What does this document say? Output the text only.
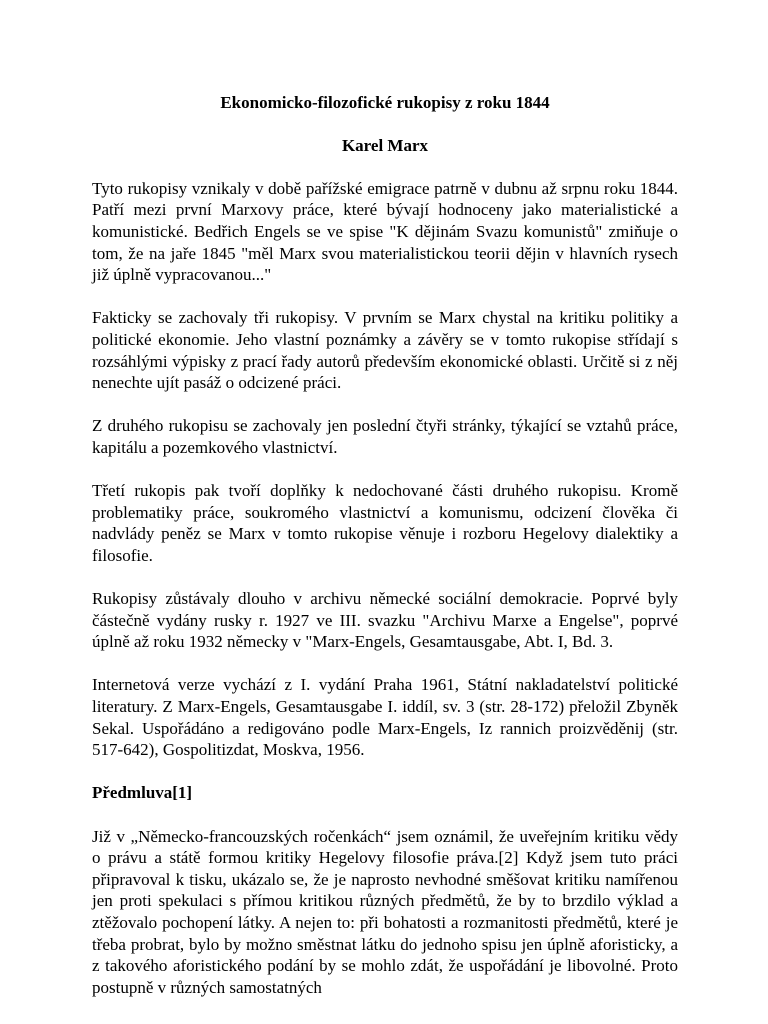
Ekonomicko-filozofické rukopisy z roku 1844

Karel Marx

Tyto rukopisy vznikaly v době pařížské emigrace patrně v dubnu až srpnu roku 1844. Patří mezi první Marxovy práce, které bývají hodnoceny jako materialistické a komunistické. Bedřich Engels se ve spise "K dějinám Svazu komunistů" zmiňuje o tom, že na jaře 1845 "měl Marx svou materialistickou teorii dějin v hlavních rysech již úplně vypracovanou..."

Fakticky se zachovaly tři rukopisy. V prvním se Marx chystal na kritiku politiky a politické ekonomie. Jeho vlastní poznámky a závěry se v tomto rukopise střídají s rozsáhlými výpisky z prací řady autorů především ekonomické oblasti. Určitě si z něj nenechte ujít pasáž o odcizené práci.

Z druhého rukopisu se zachovaly jen poslední čtyři stránky, týkající se vztahů práce, kapitálu a pozemkového vlastnictví.

Třetí rukopis pak tvoří doplňky k nedochované části druhého rukopisu. Kromě problematiky práce, soukromého vlastnictví a komunismu, odcizení člověka či nadvlády peněz se Marx v tomto rukopise věnuje i rozboru Hegelovy dialektiky a filosofie.

Rukopisy zůstávaly dlouho v archivu německé sociální demokracie. Poprvé byly částečně vydány rusky r. 1927 ve III. svazku "Archivu Marxe a Engelse", poprvé úplně až roku 1932 německy v "Marx-Engels, Gesamtausgabe, Abt. I, Bd. 3.

Internetová verze vychází z I. vydání Praha 1961, Státní nakladatelství politické literatury. Z Marx-Engels, Gesamtausgabe I. iddíl, sv. 3 (str. 28-172) přeložil Zbyněk Sekal. Uspořádáno a redigováno podle Marx-Engels, Iz rannich proizvěděnij (str. 517-642), Gospolitizdat, Moskva, 1956.

Předmluva[1]

Již v „Německo-francouzských ročenkách“ jsem oznámil, že uveřejním kritiku vědy o právu a státě formou kritiky Hegelovy filosofie práva.[2] Když jsem tuto práci připravoval k tisku, ukázalo se, že je naprosto nevhodné směšovat kritiku namířenou jen proti spekulaci s přímou kritikou různých předmětů, že by to brzdilo výklad a ztěžovalo pochopení látky. A nejen to: při bohatosti a rozmanitosti předmětů, které je třeba probrat, bylo by možno směstnat látku do jednoho spisu jen úplně aforisticky, a z takového aforistického podání by se mohlo zdát, že uspořádání je libovolné. Proto postupně v různých samostatných
